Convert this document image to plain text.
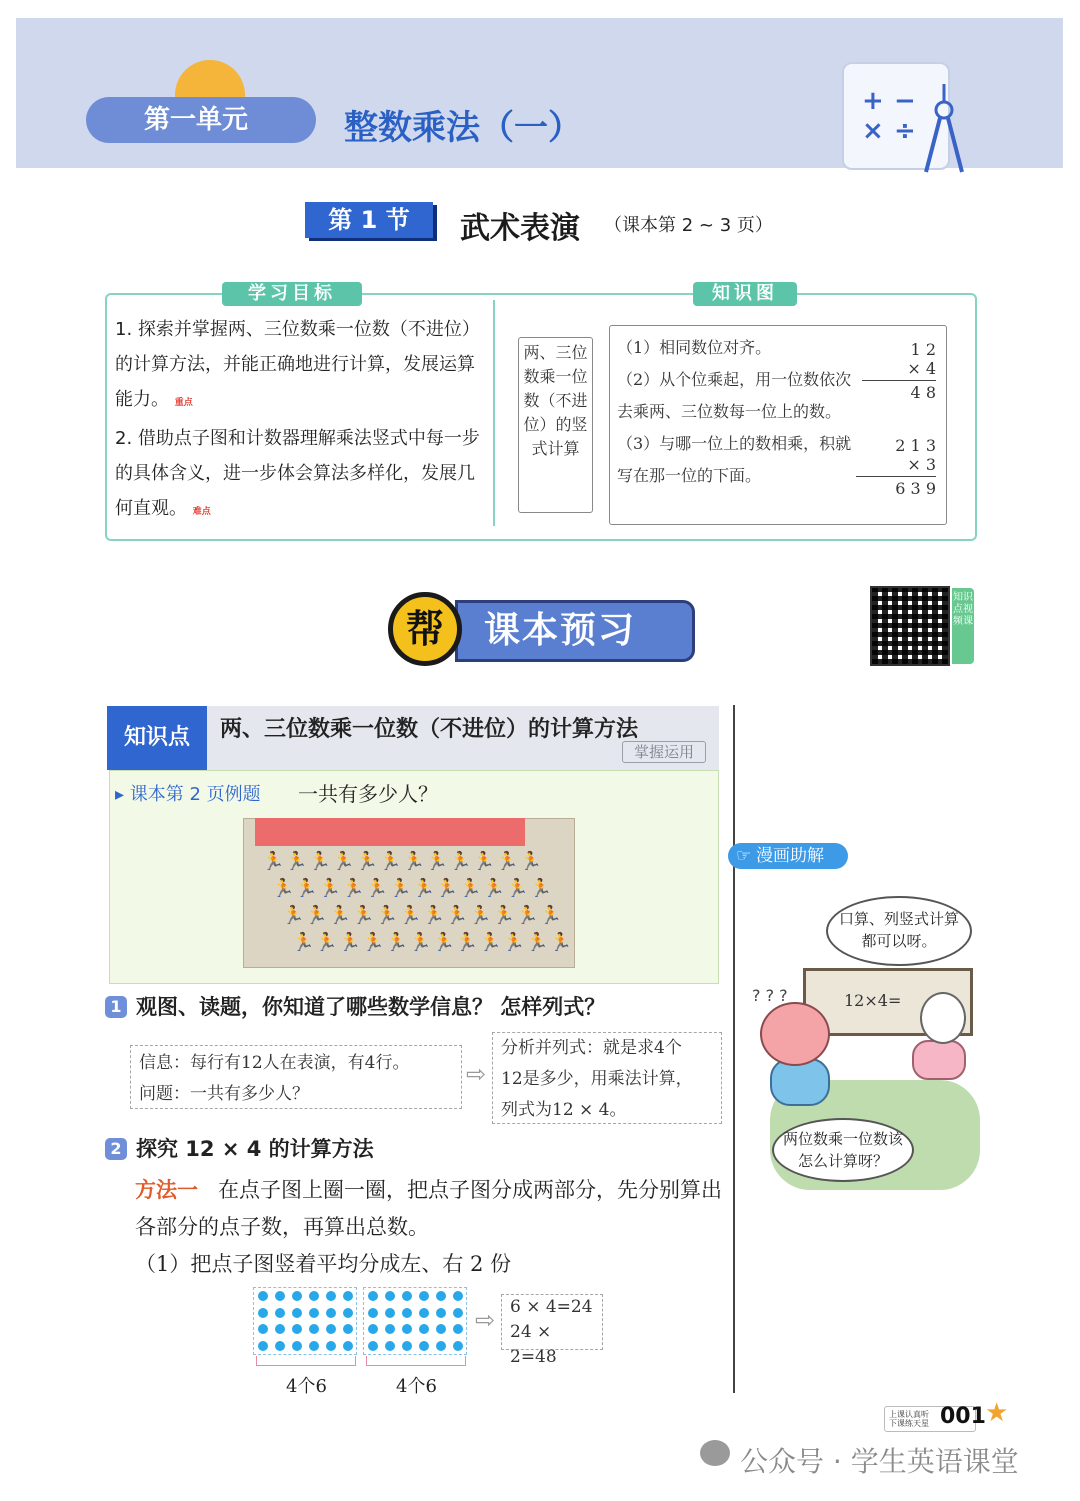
第一单元	整数乘法（一）
+ −
× ÷
第 1 节	武术表演 （课本第 2 ~ 3 页）
学习目标	知识图
1. 探索并掌握两、三位数乘一位数（不进位）的计算方法，并能正确地进行计算，发展运算能力。 重点
2. 借助点子图和计数器理解乘法竖式中每一步的具体含义，进一步体会算法多样化，发展几何直观。 难点
两、三位数乘一位数（不进位）的竖式计算
（1）相同数位对齐。
（2）从个位乘起，用一位数依次去乘两、三位数每一位上的数。
（3）与哪一位上的数相乘，积就写在那一位的下面。
1 2
× 4
4 8
2 1 3
× 3
6 3 9
课本预习
帮
知识点视频课
知识点	两、三位数乘一位数（不进位）的计算方法
掌握运用
▸ 课本第 2 页例题 一共有多少人？
🏃🏃🏃🏃🏃🏃🏃🏃🏃🏃🏃🏃
🏃🏃🏃🏃🏃🏃🏃🏃🏃🏃🏃🏃
🏃🏃🏃🏃🏃🏃🏃🏃🏃🏃🏃🏃
🏃🏃🏃🏃🏃🏃🏃🏃🏃🏃🏃🏃
1 观图、读题，你知道了哪些数学信息？ 怎样列式？
信息：每行有12人在表演，有4行。
问题：一共有多少人？
⇨
分析并列式：就是求4个
12是多少，用乘法计算，
列式为12 × 4。
2 探究 12 × 4 的计算方法
方法一 在点子图上圈一圈，把点子图分成两部分，先分别算出各部分的点子数，再算出总数。
（1）把点子图竖着平均分成左、右 2 份
4个6	4个6
⇨ 6 × 4=24
24 × 2=48
☞ 漫画助解
口算、列竖式计算都可以呀。
12×4=
? ? ?
两位数乘一位数该怎么计算呀？
上课认真听 下课练天星 001 ★
公众号 · 学生英语课堂
